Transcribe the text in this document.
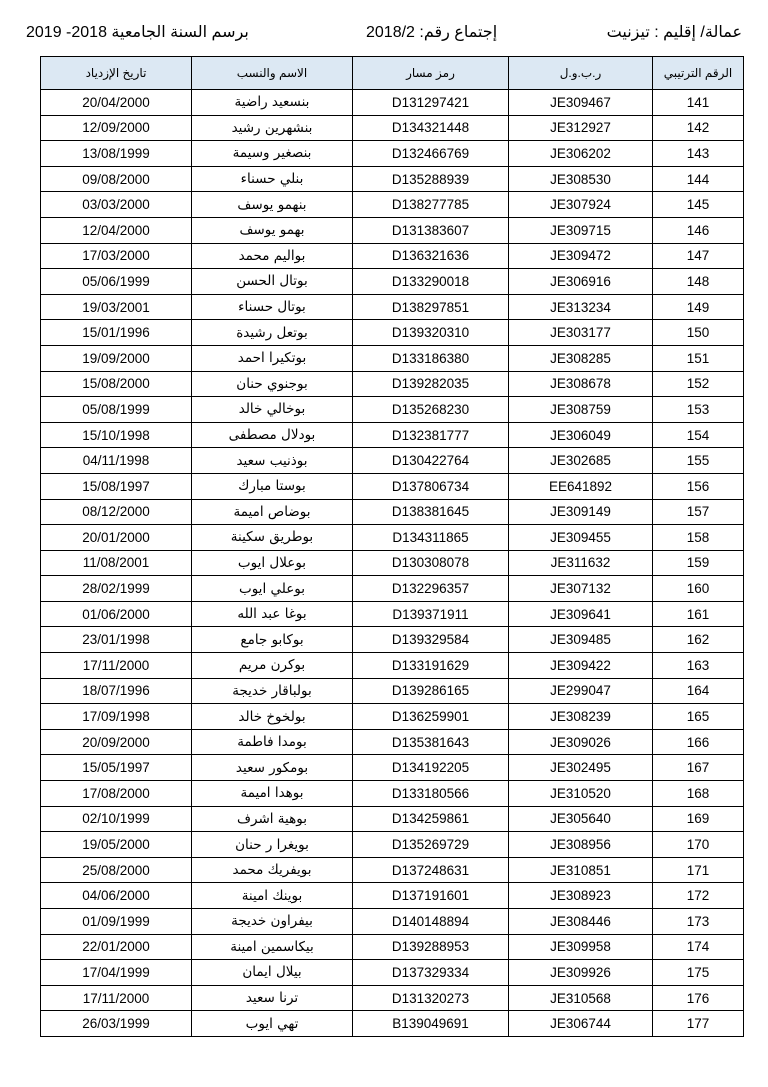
برسم السنة الجامعية 2018- 2019	إجتماع رقم: 2018/2	عمالة/ إقليم : تيزنيت
الرقم الترتيبي	ر.ب.و.ل	رمز مسار	الاسم والنسب	تاريخ الإزدياد
141	JE309467	D131297421	بنسعيد راضية	20/04/2000
142	JE312927	D134321448	بنشهرين رشيد	12/09/2000
143	JE306202	D132466769	بنصغير وسيمة	13/08/1999
144	JE308530	D135288939	بنلي حسناء	09/08/2000
145	JE307924	D138277785	بنهمو يوسف	03/03/2000
146	JE309715	D131383607	بهمو يوسف	12/04/2000
147	JE309472	D136321636	بواليم محمد	17/03/2000
148	JE306916	D133290018	بوتال الحسن	05/06/1999
149	JE313234	D138297851	بوتال حسناء	19/03/2001
150	JE303177	D139320310	بوتعل رشيدة	15/01/1996
151	JE308285	D133186380	بوتكيرا احمد	19/09/2000
152	JE308678	D139282035	بوجنوي حنان	15/08/2000
153	JE308759	D135268230	بوخالي خالد	05/08/1999
154	JE306049	D132381777	بودلال مصطفى	15/10/1998
155	JE302685	D130422764	بوذنيب سعيد	04/11/1998
156	EE641892	D137806734	بوستا مبارك	15/08/1997
157	JE309149	D138381645	بوضاص اميمة	08/12/2000
158	JE309455	D134311865	بوطريق سكينة	20/01/2000
159	JE311632	D130308078	بوعلال ايوب	11/08/2001
160	JE307132	D132296357	بوعلي ايوب	28/02/1999
161	JE309641	D139371911	بوغا عبد الله	01/06/2000
162	JE309485	D139329584	بوكابو جامع	23/01/1998
163	JE309422	D133191629	بوكرن مريم	17/11/2000
164	JE299047	D139286165	بولباقار خديجة	18/07/1996
165	JE308239	D136259901	بولخوخ خالد	17/09/1998
166	JE309026	D135381643	بومدا فاطمة	20/09/2000
167	JE302495	D134192205	بومكور سعيد	15/05/1997
168	JE310520	D133180566	بوهدا اميمة	17/08/2000
169	JE305640	D134259861	بوهية اشرف	02/10/1999
170	JE308956	D135269729	بويغرا ر حنان	19/05/2000
171	JE310851	D137248631	بويفريك محمد	25/08/2000
172	JE308923	D137191601	بوينك امينة	04/06/2000
173	JE308446	D140148894	بيفراون خديجة	01/09/1999
174	JE309958	D139288953	بيكاسمين امينة	22/01/2000
175	JE309926	D137329334	بيلال ايمان	17/04/1999
176	JE310568	D131320273	ترنا سعيد	17/11/2000
177	JE306744	B139049691	تهي ايوب	26/03/1999
